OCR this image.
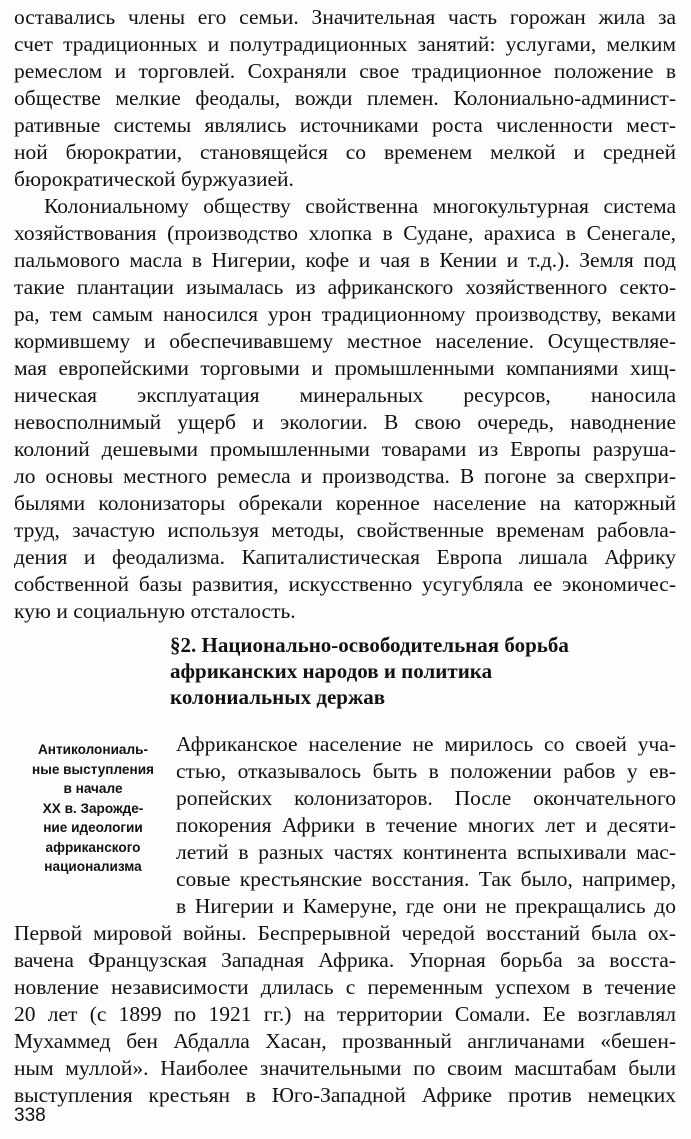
оставались члены его семьи. Значительная часть горожан жила за

счет традиционных и полутрадиционных занятий: услугами, мелким

ремеслом и торговлей. Сохраняли свое традиционное положение в

обществе мелкие феодалы, вожди племен. Колониально-админист-

ративные системы являлись источниками роста численности мест-

ной бюрократии, становящейся со временем мелкой и средней

бюрократической буржуазией.

Колониальному обществу свойственна многокультурная система

хозяйствования (производство хлопка в Судане, арахиса в Сенегале,

пальмового масла в Нигерии, кофе и чая в Кении и т.д.). Земля под

такие плантации изымалась из африканского хозяйственного секто-

ра, тем самым наносился урон традиционному производству, веками

кормившему и обеспечивавшему местное население. Осуществляе-

мая европейскими торговыми и промышленными компаниями хищ-

ническая эксплуатация минеральных ресурсов, наносила

невосполнимый ущерб и экологии. В свою очередь, наводнение

колоний дешевыми промышленными товарами из Европы разруша-

ло основы местного ремесла и производства. В погоне за сверхпри-

былями колонизаторы обрекали коренное население на каторжный

труд, зачастую используя методы, свойственные временам рабовла-

дения и феодализма. Капиталистическая Европа лишала Африку

собственной базы развития, искусственно усугубляла ее экономичес-

кую и социальную отсталость.

§2. Национально-освободительная борьба

африканских народов и политика

колониальных держав

Антиколониаль-
ные выступления
в начале
XX в. Зарожде-
ние идеологии
африканского
национализма

Африканское население не мирилось со своей уча-

стью, отказывалось быть в положении рабов у ев-

ропейских колонизаторов. После окончательного

покорения Африки в течение многих лет и десяти-

летий в разных частях континента вспыхивали мас-

совые крестьянские восстания. Так было, например,

в Нигерии и Камеруне, где они не прекращались до

Первой мировой войны. Беспрерывной чередой восстаний была ох-

вачена Французская Западная Африка. Упорная борьба за восста-

новление независимости длилась с переменным успехом в течение

20 лет (с 1899 по 1921 гг.) на территории Сомали. Ее возглавлял

Мухаммед бен Абдалла Хасан, прозванный англичанами «бешен-

ным муллой». Наиболее значительными по своим масштабам были

выступления крестьян в Юго-Западной Африке против немецких

338
